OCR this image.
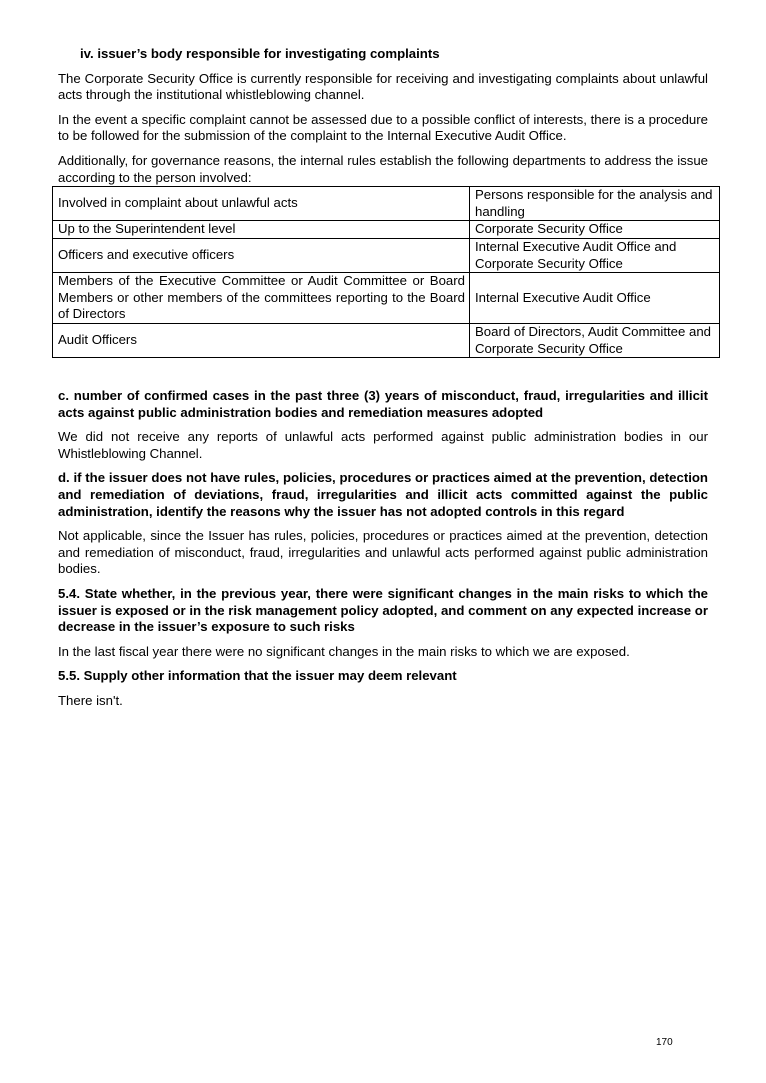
iv. issuer’s body responsible for investigating complaints

The Corporate Security Office is currently responsible for receiving and investigating complaints about unlawful acts through the institutional whistleblowing channel.

In the event a specific complaint cannot be assessed due to a possible conflict of interests, there is a procedure to be followed for the submission of the complaint to the Internal Executive Audit Office.

Additionally, for governance reasons, the internal rules establish the following departments to address the issue according to the person involved:

Involved in complaint about unlawful acts	Persons responsible for the analysis and handling
Up to the Superintendent level	Corporate Security Office
Officers and executive officers	Internal Executive Audit Office and Corporate Security Office
Members of the Executive Committee or Audit Committee or Board Members or other members of the committees reporting to the Board of Directors	Internal Executive Audit Office
Audit Officers	Board of Directors, Audit Committee and Corporate Security Office

c. number of confirmed cases in the past three (3) years of misconduct, fraud, irregularities and illicit acts against public administration bodies and remediation measures adopted

We did not receive any reports of unlawful acts performed against public administration bodies in our Whistleblowing Channel.

d. if the issuer does not have rules, policies, procedures or practices aimed at the prevention, detection and remediation of deviations, fraud, irregularities and illicit acts committed against the public administration, identify the reasons why the issuer has not adopted controls in this regard

Not applicable, since the Issuer has rules, policies, procedures or practices aimed at the prevention, detection and remediation of misconduct, fraud, irregularities and unlawful acts performed against public administration bodies.

5.4. State whether, in the previous year, there were significant changes in the main risks to which the issuer is exposed or in the risk management policy adopted, and comment on any expected increase or decrease in the issuer’s exposure to such risks

In the last fiscal year there were no significant changes in the main risks to which we are exposed.

5.5. Supply other information that the issuer may deem relevant

There isn't.

170
